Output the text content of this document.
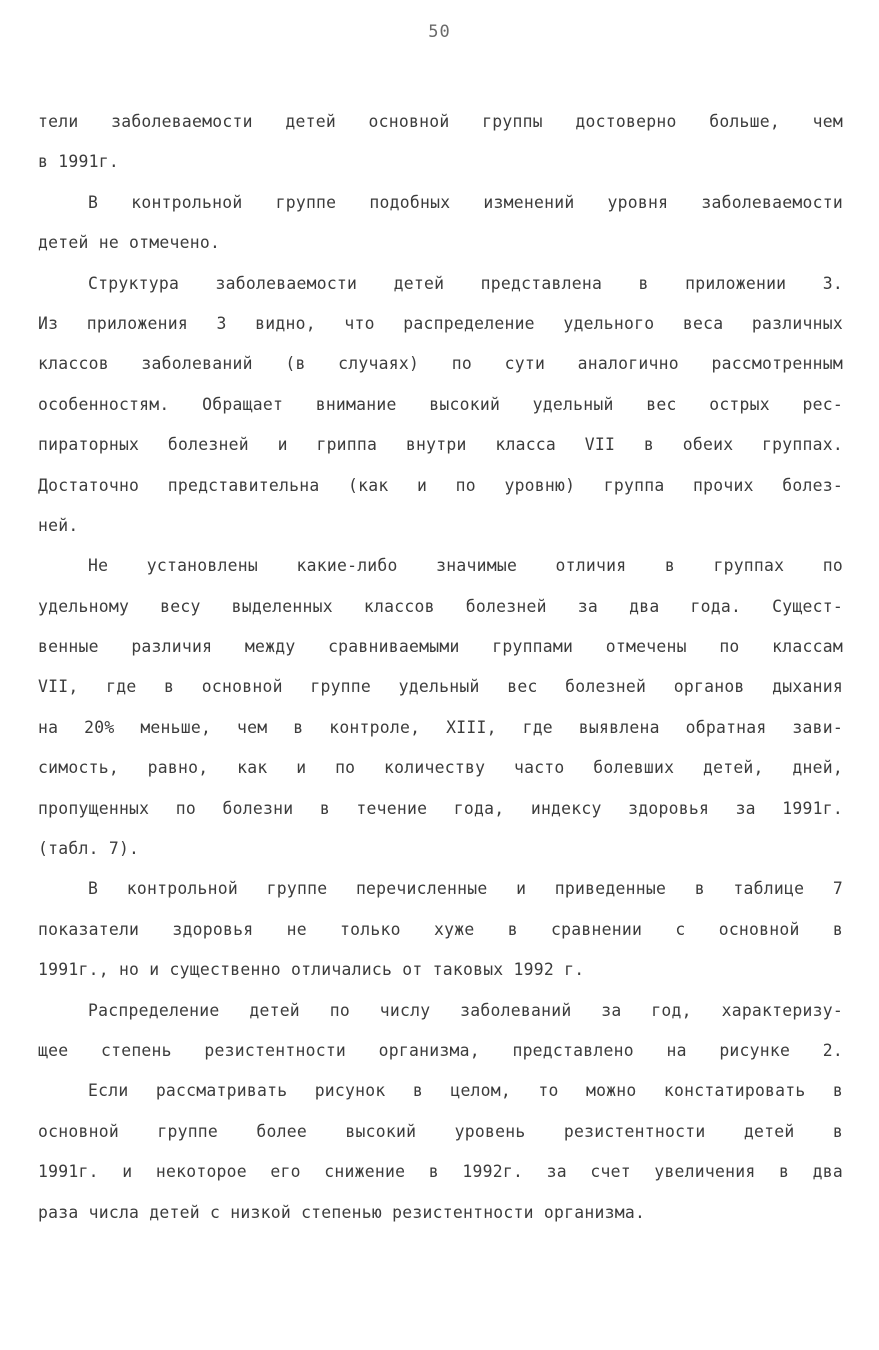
50
тели заболеваемости детей основной группы достоверно больше, чем
в 1991г.
В контрольной группе подобных изменений уровня заболеваемости
детей не отмечено.
Структура заболеваемости детей представлена в приложении 3.
Из приложения 3 видно, что распределение удельного веса различных
классов заболеваний (в случаях) по сути аналогично рассмотренным
особенностям. Обращает внимание высокий удельный вес острых рес-
пираторных болезней и гриппа внутри класса VII в обеих группах.
Достаточно представительна (как и по уровню) группа прочих болез-
ней.
Не установлены какие-либо значимые отличия в группах по
удельному весу выделенных классов болезней за два года. Сущест-
венные различия между сравниваемыми группами отмечены по классам
VII, где в основной группе удельный вес болезней органов дыхания
на 20% меньше, чем в контроле, XIII, где выявлена обратная зави-
симость, равно, как и по количеству часто болевших детей, дней,
пропущенных по болезни в течение года, индексу здоровья за 1991г.
(табл. 7).
В контрольной группе перечисленные и приведенные в таблице 7
показатели здоровья не только хуже в сравнении с основной в
1991г., но и существенно отличались от таковых 1992 г.
Распределение детей по числу заболеваний за год, характеризу-
щее степень резистентности организма, представлено на рисунке 2.
Если рассматривать рисунок в целом, то можно констатировать в
основной группе более высокий уровень резистентности детей в
1991г. и некоторое его снижение в 1992г. за счет увеличения в два
раза числа детей с низкой степенью резистентности организма.
